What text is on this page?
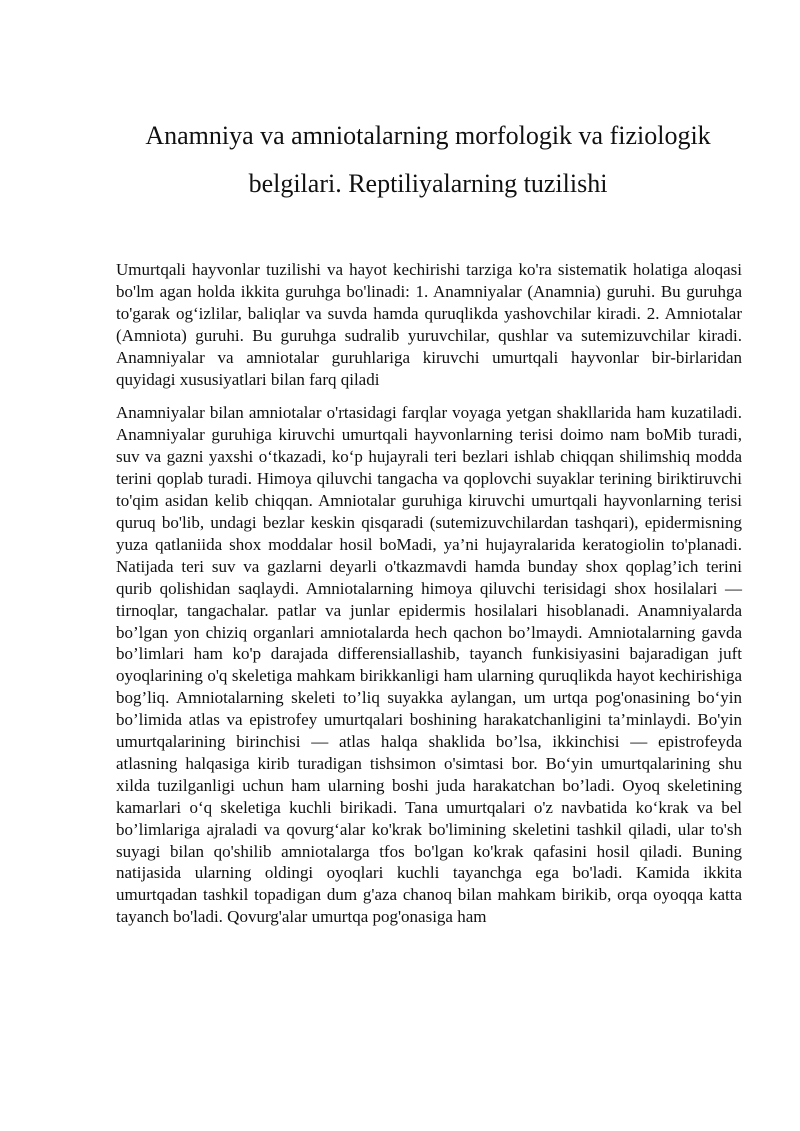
Anamniya va amniotalarning morfologik va fiziologik belgilari. Reptiliyalarning tuzilishi

Umurtqali hayvonlar tuzilishi va hayot kechirishi tarziga ko'ra sistematik holatiga aloqasi bo'lm agan holda ikkita guruhga bo'linadi: 1. Anamniyalar (Anamnia) guruhi. Bu guruhga to'garak og‘izlilar, baliqlar va suvda hamda quruqlikda yashovchilar kiradi. 2. Amniotalar (Amniota) guruhi. Bu guruhga sudralib yuruvchilar, qushlar va sutemizuvchilar kiradi. Anamniyalar va amniotalar guruhlariga kiruvchi umurtqali hayvonlar bir-birlaridan quyidagi xususiyatlari bilan farq qiladi

Anamniyalar bilan amniotalar o'rtasidagi farqlar voyaga yetgan shakllarida ham kuzatiladi. Anamniyalar guruhiga kiruvchi umurtqali hayvonlarning terisi doimo nam boMib turadi, suv va gazni yaxshi o‘tkazadi, ko‘p hujayrali teri bezlari ishlab chiqqan shilimshiq modda terini qoplab turadi. Himoya qiluvchi tangacha va qoplovchi suyaklar terining biriktiruvchi to'qim asidan kelib chiqqan. Amniotalar guruhiga kiruvchi umurtqali hayvonlarning terisi quruq bo'lib, undagi bezlar keskin qisqaradi (sutemizuvchilardan tashqari), epidermisning yuza qatlaniida shox moddalar hosil boMadi, ya’ni hujayralarida keratogiolin to'planadi. Natijada teri suv va gazlarni deyarli o'tkazmavdi hamda bunday shox qoplag’ich terini qurib qolishidan saqlaydi. Amniotalarning himoya qiluvchi terisidagi shox hosilalari — tirnoqlar, tangachalar. patlar va junlar epidermis hosilalari hisoblanadi. Anamniyalarda bo’lgan yon chiziq organlari amniotalarda hech qachon bo’lmaydi. Amniotalarning gavda bo’limlari ham ko'p darajada differensiallashib, tayanch funkisiyasini bajaradigan juft oyoqlarining o'q skeletiga mahkam birikkanligi ham ularning quruqlikda hayot kechirishiga bog’liq. Amniotalarning skeleti to’liq suyakka aylangan, um urtqa pog'onasining bo‘yin bo’limida atlas va epistrofey umurtqalari boshining harakatchanligini ta’minlaydi. Bo'yin umurtqalarining birinchisi — atlas halqa shaklida bo’lsa, ikkinchisi — epistrofeyda atlasning halqasiga kirib turadigan tishsimon o'simtasi bor. Bo‘yin umurtqalarining shu xilda tuzilganligi uchun ham ularning boshi juda harakatchan bo’ladi. Oyoq skeletining kamarlari o‘q skeletiga kuchli birikadi. Tana umurtqalari o'z navbatida ko‘krak va bel bo’limlariga ajraladi va qovurg‘alar ko'krak bo'limining skeletini tashkil qiladi, ular to'sh suyagi bilan qo'shilib amniotalarga tfos bo'lgan ko'krak qafasini hosil qiladi. Buning natijasida ularning oldingi oyoqlari kuchli tayanchga ega bo'ladi. Kamida ikkita umurtqadan tashkil topadigan dum g'aza chanoq bilan mahkam birikib, orqa oyoqqa katta tayanch bo'ladi. Qovurg'alar umurtqa pog'onasiga ham
